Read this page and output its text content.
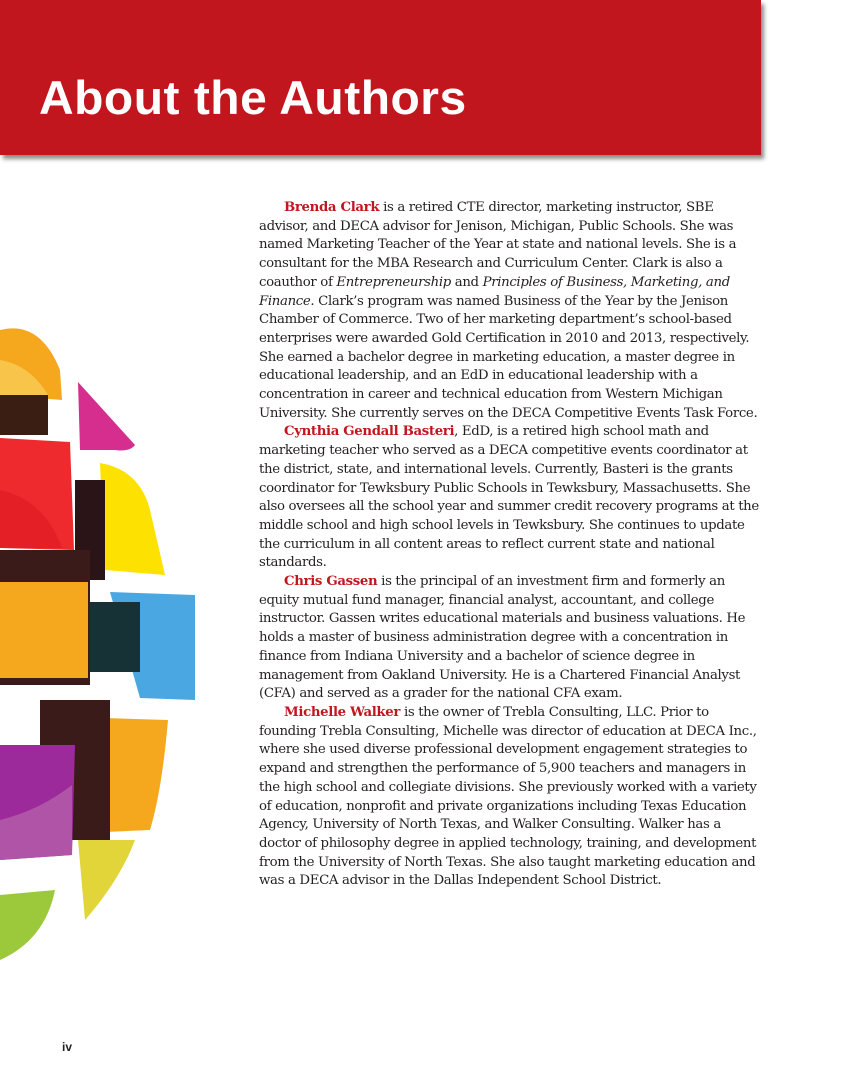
About the Authors

Brenda Clark is a retired CTE director, marketing instructor, SBE advisor, and DECA advisor for Jenison, Michigan, Public Schools. She was named Marketing Teacher of the Year at state and national levels. She is a consultant for the MBA Research and Curriculum Center. Clark is also a coauthor of Entrepreneurship and Principles of Business, Marketing, and Finance. Clark’s program was named Business of the Year by the Jenison Chamber of Commerce. Two of her marketing department’s school-based enterprises were awarded Gold Certification in 2010 and 2013, respectively. She earned a bachelor degree in marketing education, a master degree in educational leadership, and an EdD in educational leadership with a concentration in career and technical education from Western Michigan University. She currently serves on the DECA Competitive Events Task Force.

Cynthia Gendall Basteri, EdD, is a retired high school math and marketing teacher who served as a DECA competitive events coordinator at the district, state, and international levels. Currently, Basteri is the grants coordinator for Tewksbury Public Schools in Tewksbury, Massachusetts. She also oversees all the school year and summer credit recovery programs at the middle school and high school levels in Tewksbury. She continues to update the curriculum in all content areas to reflect current state and national standards.

Chris Gassen is the principal of an investment firm and formerly an equity mutual fund manager, financial analyst, accountant, and college instructor. Gassen writes educational materials and business valuations. He holds a master of business administration degree with a concentration in finance from Indiana University and a bachelor of science degree in management from Oakland University. He is a Chartered Financial Analyst (CFA) and served as a grader for the national CFA exam.

Michelle Walker is the owner of Trebla Consulting, LLC. Prior to founding Trebla Consulting, Michelle was director of education at DECA Inc., where she used diverse professional development engagement strategies to expand and strengthen the performance of 5,900 teachers and managers in the high school and collegiate divisions. She previously worked with a variety of education, nonprofit and private organizations including Texas Education Agency, University of North Texas, and Walker Consulting. Walker has a doctor of philosophy degree in applied technology, training, and development from the University of North Texas. She also taught marketing education and was a DECA advisor in the Dallas Independent School District.

iv
